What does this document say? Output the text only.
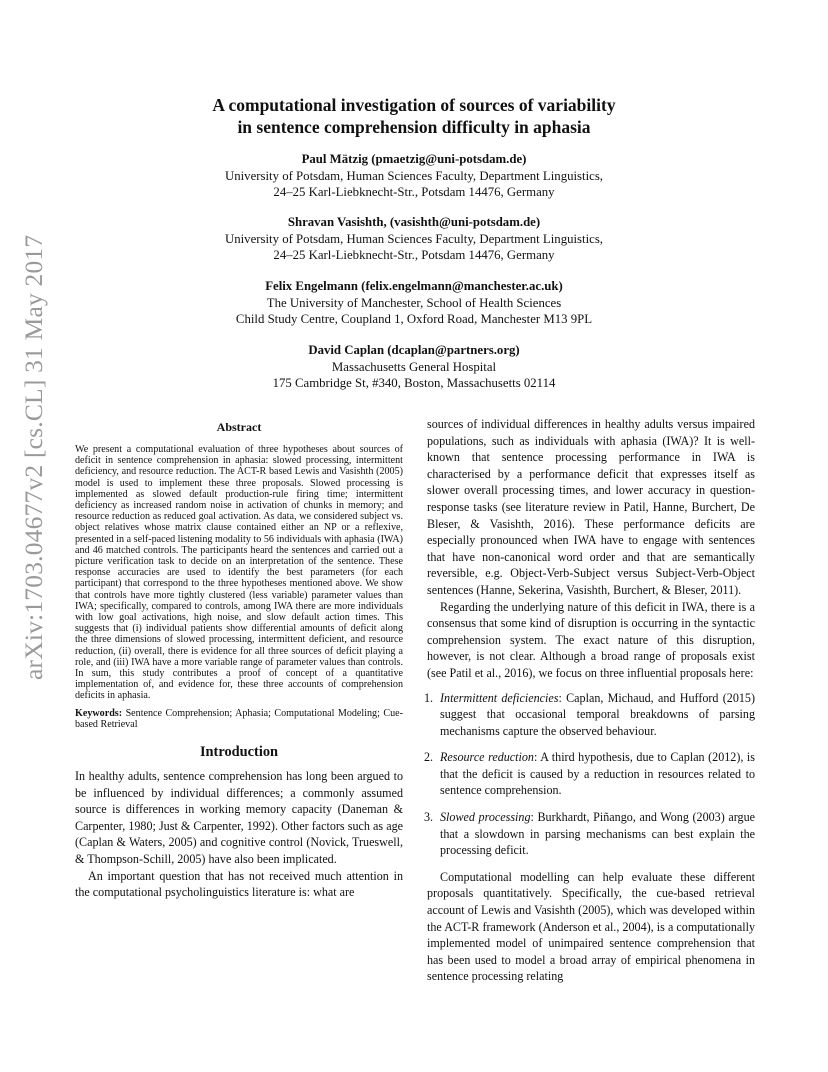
arXiv:1703.04677v2 [cs.CL] 31 May 2017
A computational investigation of sources of variability
in sentence comprehension difficulty in aphasia
Paul Mätzig (pmaetzig@uni-potsdam.de)
University of Potsdam, Human Sciences Faculty, Department Linguistics,
24–25 Karl-Liebknecht-Str., Potsdam 14476, Germany
Shravan Vasishth, (vasishth@uni-potsdam.de)
University of Potsdam, Human Sciences Faculty, Department Linguistics,
24–25 Karl-Liebknecht-Str., Potsdam 14476, Germany
Felix Engelmann (felix.engelmann@manchester.ac.uk)
The University of Manchester, School of Health Sciences
Child Study Centre, Coupland 1, Oxford Road, Manchester M13 9PL
David Caplan (dcaplan@partners.org)
Massachusetts General Hospital
175 Cambridge St, #340, Boston, Massachusetts 02114
Abstract
We present a computational evaluation of three hypotheses about sources of deficit in sentence comprehension in aphasia: slowed processing, intermittent deficiency, and resource reduction. The ACT-R based Lewis and Vasishth (2005) model is used to implement these three proposals. Slowed processing is implemented as slowed default production-rule firing time; intermittent deficiency as increased random noise in activation of chunks in memory; and resource reduction as reduced goal activation. As data, we considered subject vs. object relatives whose matrix clause contained either an NP or a reflexive, presented in a self-paced listening modality to 56 individuals with aphasia (IWA) and 46 matched controls. The participants heard the sentences and carried out a picture verification task to decide on an interpretation of the sentence. These response accuracies are used to identify the best parameters (for each participant) that correspond to the three hypotheses mentioned above. We show that controls have more tightly clustered (less variable) parameter values than IWA; specifically, compared to controls, among IWA there are more individuals with low goal activations, high noise, and slow default action times. This suggests that (i) individual patients show differential amounts of deficit along the three dimensions of slowed processing, intermittent deficient, and resource reduction, (ii) overall, there is evidence for all three sources of deficit playing a role, and (iii) IWA have a more variable range of parameter values than controls. In sum, this study contributes a proof of concept of a quantitative implementation of, and evidence for, these three accounts of comprehension deficits in aphasia.
Keywords: Sentence Comprehension; Aphasia; Computational Modeling; Cue-based Retrieval
Introduction

In healthy adults, sentence comprehension has long been argued to be influenced by individual differences; a commonly assumed source is differences in working memory capacity (Daneman & Carpenter, 1980; Just & Carpenter, 1992). Other factors such as age (Caplan & Waters, 2005) and cognitive control (Novick, Trueswell, & Thompson-Schill, 2005) have also been implicated.

An important question that has not received much attention in the computational psycholinguistics literature is: what are

sources of individual differences in healthy adults versus impaired populations, such as individuals with aphasia (IWA)? It is well-known that sentence processing performance in IWA is characterised by a performance deficit that expresses itself as slower overall processing times, and lower accuracy in question-response tasks (see literature review in Patil, Hanne, Burchert, De Bleser, & Vasishth, 2016). These performance deficits are especially pronounced when IWA have to engage with sentences that have non-canonical word order and that are semantically reversible, e.g. Object-Verb-Subject versus Subject-Verb-Object sentences (Hanne, Sekerina, Vasishth, Burchert, & Bleser, 2011).

Regarding the underlying nature of this deficit in IWA, there is a consensus that some kind of disruption is occurring in the syntactic comprehension system. The exact nature of this disruption, however, is not clear. Although a broad range of proposals exist (see Patil et al., 2016), we focus on three influential proposals here:

1. Intermittent deficiencies: Caplan, Michaud, and Hufford (2015) suggest that occasional temporal breakdowns of parsing mechanisms capture the observed behaviour.
2. Resource reduction: A third hypothesis, due to Caplan (2012), is that the deficit is caused by a reduction in resources related to sentence comprehension.
3. Slowed processing: Burkhardt, Piñango, and Wong (2003) argue that a slowdown in parsing mechanisms can best explain the processing deficit.

Computational modelling can help evaluate these different proposals quantitatively. Specifically, the cue-based retrieval account of Lewis and Vasishth (2005), which was developed within the ACT-R framework (Anderson et al., 2004), is a computationally implemented model of unimpaired sentence comprehension that has been used to model a broad array of empirical phenomena in sentence processing relating
